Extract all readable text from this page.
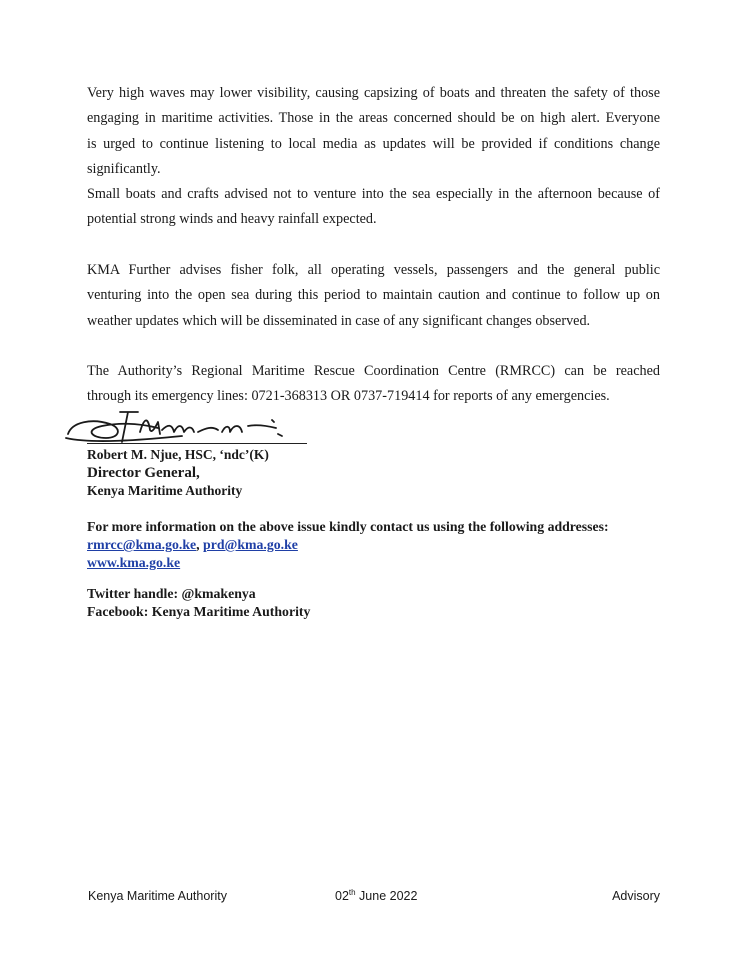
Very high waves may lower visibility, causing capsizing of boats and threaten the safety of those
engaging in maritime activities. Those in the areas concerned should be on high alert. Everyone
is urged to continue listening to local media as updates will be provided if conditions change
significantly.

Small boats and crafts advised not to venture into the sea especially in the afternoon because of
potential strong winds and heavy rainfall expected.

KMA Further advises fisher folk, all operating vessels, passengers and the general public
venturing into the open sea during this period to maintain caution and continue to follow up on
weather updates which will be disseminated in case of any significant changes observed.

The Authority’s Regional Maritime Rescue Coordination Centre (RMRCC) can be reached
through its emergency lines: 0721-368313 OR 0737-719414 for reports of any emergencies.

Robert M. Njue, HSC, ‘ndc’(K)
Director General,
Kenya Maritime Authority
For more information on the above issue kindly contact us using the following addresses:
rmrcc@kma.go.ke, prd@kma.go.ke
www.kma.go.ke
Twitter handle: @kmakenya
Facebook: Kenya Maritime Authority
Kenya Maritime Authority	02th June 2022	Advisory
